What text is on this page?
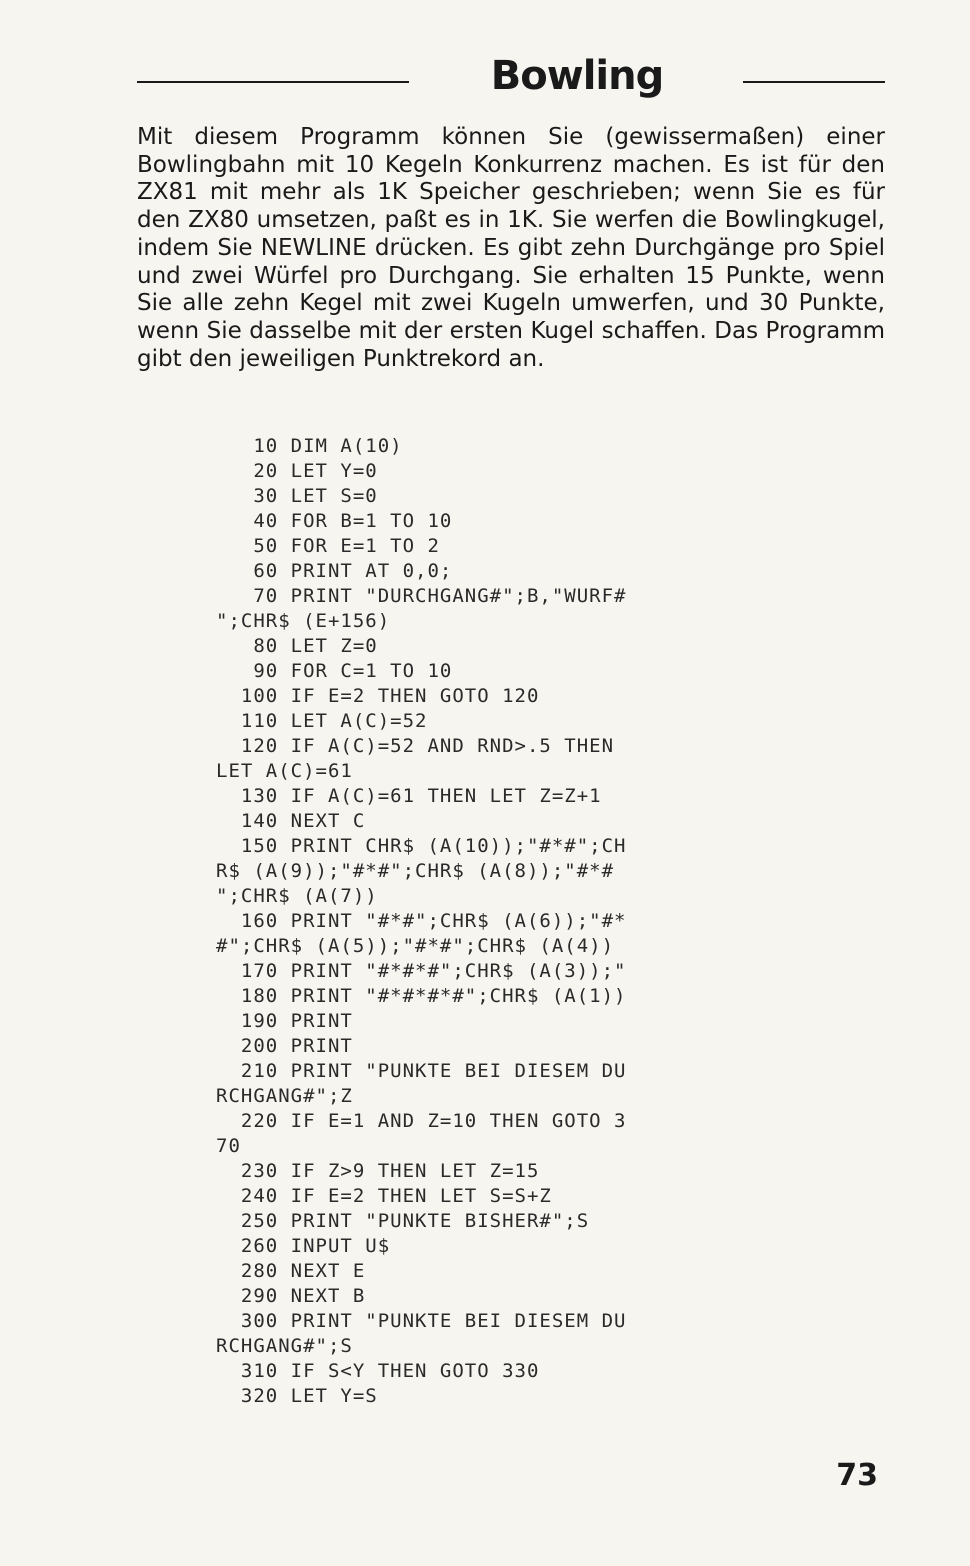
Bowling

Mit diesem Programm können Sie (gewissermaßen) einer Bowlingbahn mit 10 Kegeln Konkurrenz machen. Es ist für den ZX81 mit mehr als 1K Speicher geschrieben; wenn Sie es für den ZX80 umsetzen, paßt es in 1K. Sie werfen die Bowlingkugel, indem Sie NEWLINE drücken. Es gibt zehn Durchgänge pro Spiel und zwei Würfel pro Durchgang. Sie erhalten 15 Punkte, wenn Sie alle zehn Kegel mit zwei Kugeln umwerfen, und 30 Punkte, wenn Sie dasselbe mit der ersten Kugel schaffen. Das Programm gibt den jeweiligen Punktrekord an.

10 DIM A(10)
20 LET Y=0
30 LET S=0
40 FOR B=1 TO 10
50 FOR E=1 TO 2
60 PRINT AT 0,0;
70 PRINT "DURCHGANG#";B,"WURF#
";CHR$ (E+156)
80 LET Z=0
90 FOR C=1 TO 10
100 IF E=2 THEN GOTO 120
110 LET A(C)=52
120 IF A(C)=52 AND RND>.5 THEN
LET A(C)=61
130 IF A(C)=61 THEN LET Z=Z+1
140 NEXT C
150 PRINT CHR$ (A(10));"#*#";CH
R$ (A(9));"#*#";CHR$ (A(8));"#*#
";CHR$ (A(7))
160 PRINT "#*#";CHR$ (A(6));"#*
#";CHR$ (A(5));"#*#";CHR$ (A(4))
170 PRINT "#*#*#";CHR$ (A(3));"
180 PRINT "#*#*#*#";CHR$ (A(1))
190 PRINT
200 PRINT
210 PRINT "PUNKTE BEI DIESEM DU
RCHGANG#";Z
220 IF E=1 AND Z=10 THEN GOTO 3
70
230 IF Z>9 THEN LET Z=15
240 IF E=2 THEN LET S=S+Z
250 PRINT "PUNKTE BISHER#";S
260 INPUT U$
280 NEXT E
290 NEXT B
300 PRINT "PUNKTE BEI DIESEM DU
RCHGANG#";S
310 IF S<Y THEN GOTO 330
320 LET Y=S

73
